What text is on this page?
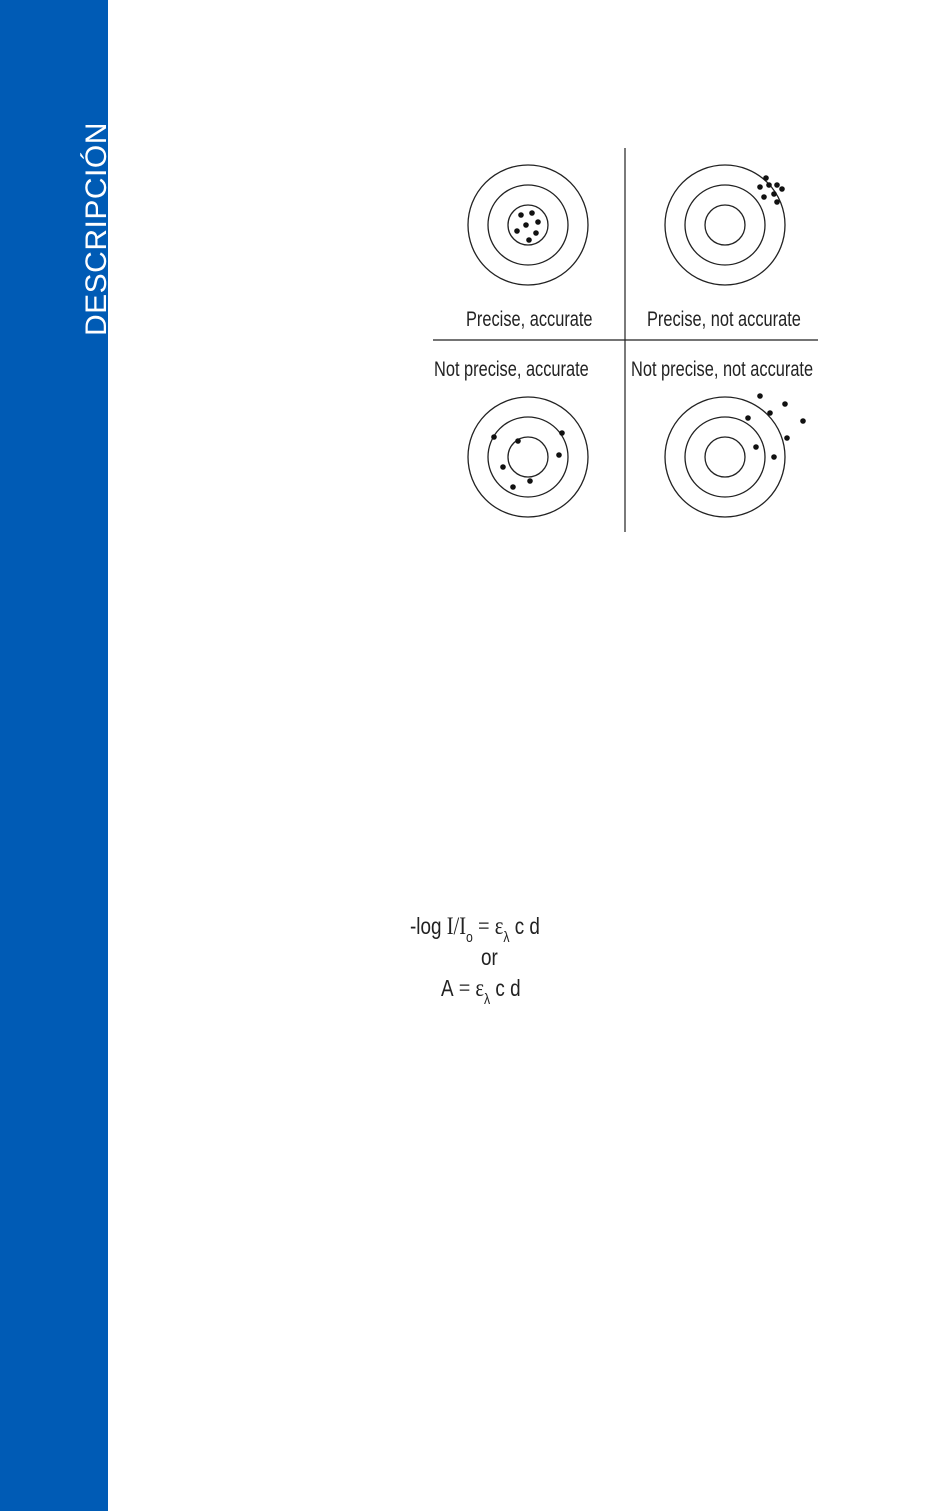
DESCRIPCIÓN	Precise, accurate	Precise, not accurate
Not precise, accurate Not precise, not accurate
-log $I/I_o = \varepsilon_\lambda$ c d
or
$A = \varepsilon_\lambda$ c d
